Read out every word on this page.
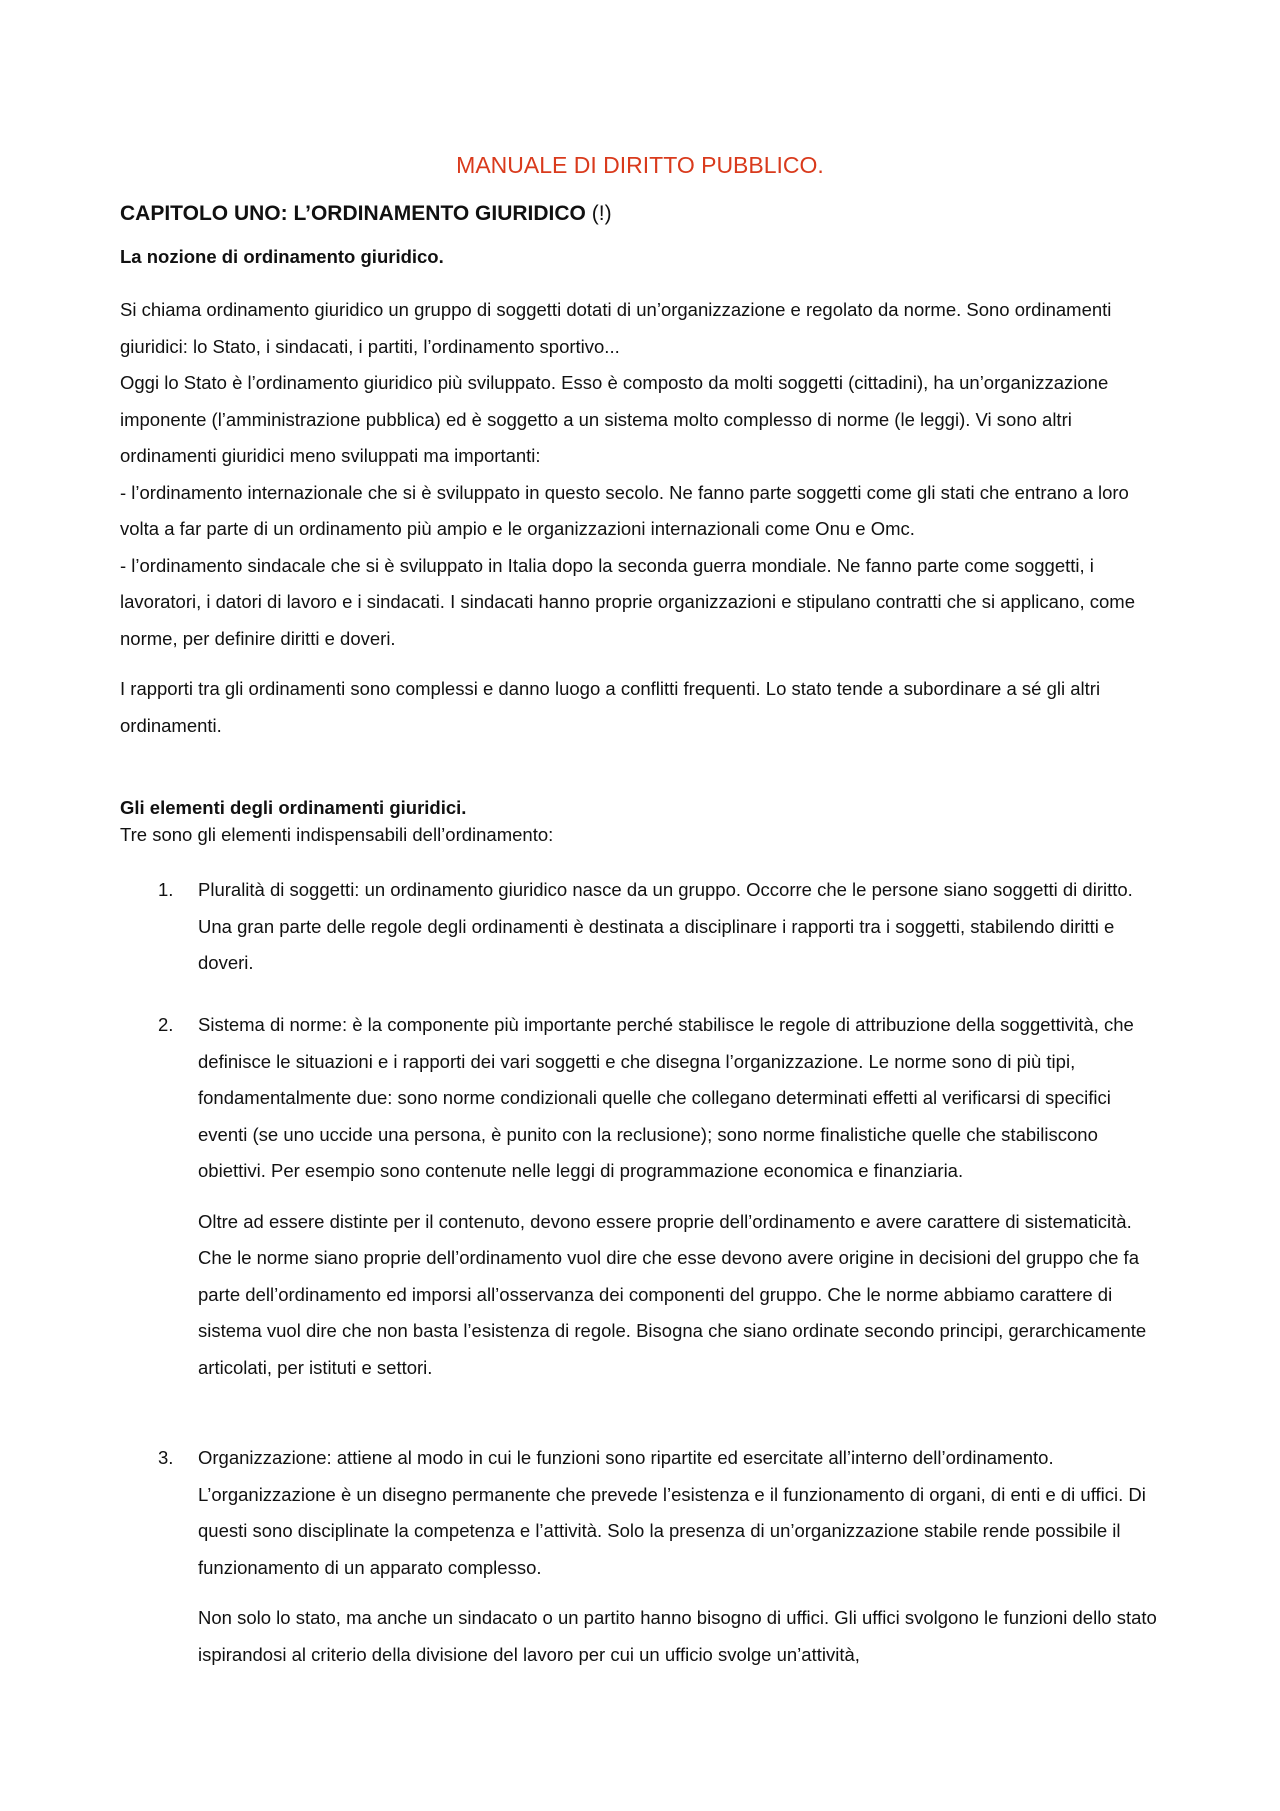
MANUALE DI DIRITTO PUBBLICO.
CAPITOLO UNO: L’ORDINAMENTO GIURIDICO (!)
La nozione di ordinamento giuridico.

Si chiama ordinamento giuridico un gruppo di soggetti dotati di un’organizzazione e regolato da norme. Sono ordinamenti giuridici: lo Stato, i sindacati, i partiti, l’ordinamento sportivo...

Oggi lo Stato è l’ordinamento giuridico più sviluppato. Esso è composto da molti soggetti (cittadini), ha un’organizzazione imponente (l’amministrazione pubblica) ed è soggetto a un sistema molto complesso di norme (le leggi). Vi sono altri ordinamenti giuridici meno sviluppati ma importanti:

- l’ordinamento internazionale che si è sviluppato in questo secolo. Ne fanno parte soggetti come gli stati che entrano a loro volta a far parte di un ordinamento più ampio e le organizzazioni internazionali come Onu e Omc.

- l’ordinamento sindacale che si è sviluppato in Italia dopo la seconda guerra mondiale. Ne fanno parte come soggetti, i lavoratori, i datori di lavoro e i sindacati. I sindacati hanno proprie organizzazioni e stipulano contratti che si applicano, come norme, per definire diritti e doveri.

I rapporti tra gli ordinamenti sono complessi e danno luogo a conflitti frequenti. Lo stato tende a subordinare a sé gli altri ordinamenti.

Gli elementi degli ordinamenti giuridici.

Tre sono gli elementi indispensabili dell’ordinamento:

1.	Pluralità di soggetti: un ordinamento giuridico nasce da un gruppo. Occorre che le persone siano soggetti di diritto. Una gran parte delle regole degli ordinamenti è destinata a disciplinare i rapporti tra i soggetti, stabilendo diritti e doveri.

2.	Sistema di norme: è la componente più importante perché stabilisce le regole di attribuzione della soggettività, che definisce le situazioni e i rapporti dei vari soggetti e che disegna l’organizzazione. Le norme sono di più tipi, fondamentalmente due: sono norme condizionali quelle che collegano determinati effetti al verificarsi di specifici eventi (se uno uccide una persona, è punito con la reclusione); sono norme finalistiche quelle che stabiliscono obiettivi. Per esempio sono contenute nelle leggi di programmazione economica e finanziaria.

Oltre ad essere distinte per il contenuto, devono essere proprie dell’ordinamento e avere carattere di sistematicità. Che le norme siano proprie dell’ordinamento vuol dire che esse devono avere origine in decisioni del gruppo che fa parte dell’ordinamento ed imporsi all’osservanza dei componenti del gruppo. Che le norme abbiamo carattere di sistema vuol dire che non basta l’esistenza di regole. Bisogna che siano ordinate secondo principi, gerarchicamente articolati, per istituti e settori.

3.	Organizzazione: attiene al modo in cui le funzioni sono ripartite ed esercitate all’interno dell’ordinamento. L’organizzazione è un disegno permanente che prevede l’esistenza e il funzionamento di organi, di enti e di uffici. Di questi sono disciplinate la competenza e l’attività. Solo la presenza di un’organizzazione stabile rende possibile il funzionamento di un apparato complesso.

Non solo lo stato, ma anche un sindacato o un partito hanno bisogno di uffici. Gli uffici svolgono le funzioni dello stato ispirandosi al criterio della divisione del lavoro per cui un ufficio svolge un’attività,
